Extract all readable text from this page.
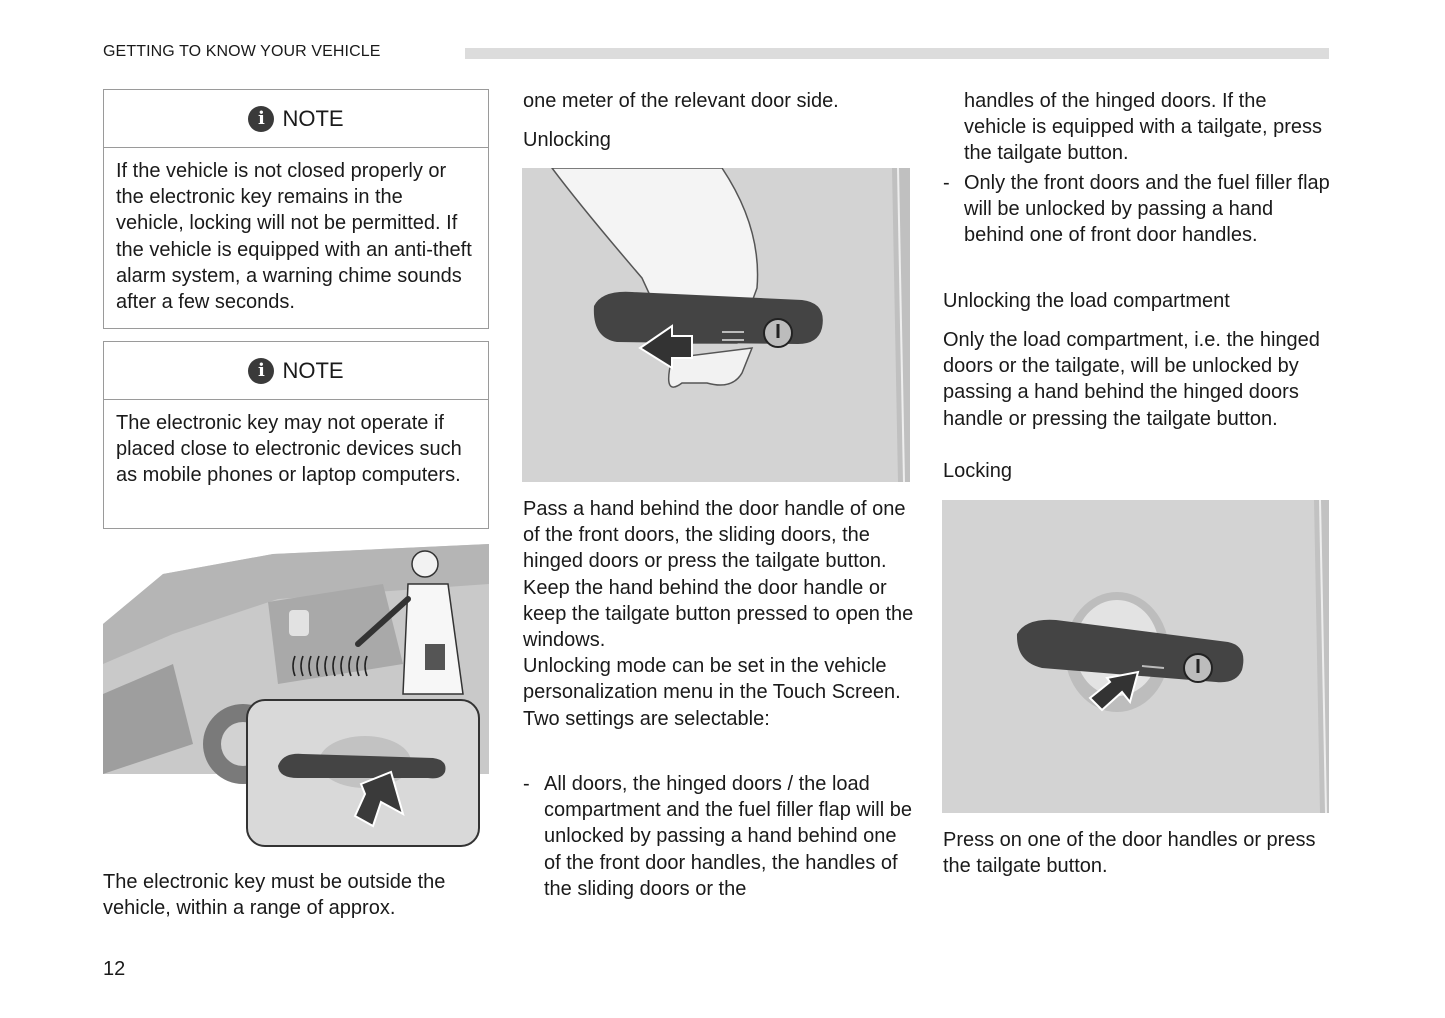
GETTING TO KNOW YOUR VEHICLE
i NOTE
If the vehicle is not closed properly or the electronic key remains in the vehicle, locking will not be permitted. If the vehicle is equipped with an anti-theft alarm system, a warning chime sounds after a few seconds.
i NOTE
The electronic key may not operate if placed close to electronic devices such as mobile phones or laptop computers.
The electronic key must be outside the vehicle, within a range of approx.
12
one meter of the relevant door side.
Unlocking

Pass a hand behind the door handle of one of the front doors, the sliding doors, the hinged doors or press the tailgate button.

Keep the hand behind the door handle or keep the tailgate button pressed to open the windows.

Unlocking mode can be set in the vehicle personalization menu in the Touch Screen. Two settings are selectable:

- All doors, the hinged doors / the load compartment and the fuel filler flap will be unlocked by passing a hand behind one of the front door handles, the handles of the sliding doors or the
handles of the hinged doors. If the vehicle is equipped with a tailgate, press the tailgate button.
- Only the front doors and the fuel filler flap will be unlocked by passing a hand behind one of front door handles.
Unlocking the load compartment
Only the load compartment, i.e. the hinged doors or the tailgate, will be unlocked by passing a hand behind the hinged doors handle or pressing the tailgate button.
Locking
Press on one of the door handles or press the tailgate button.
